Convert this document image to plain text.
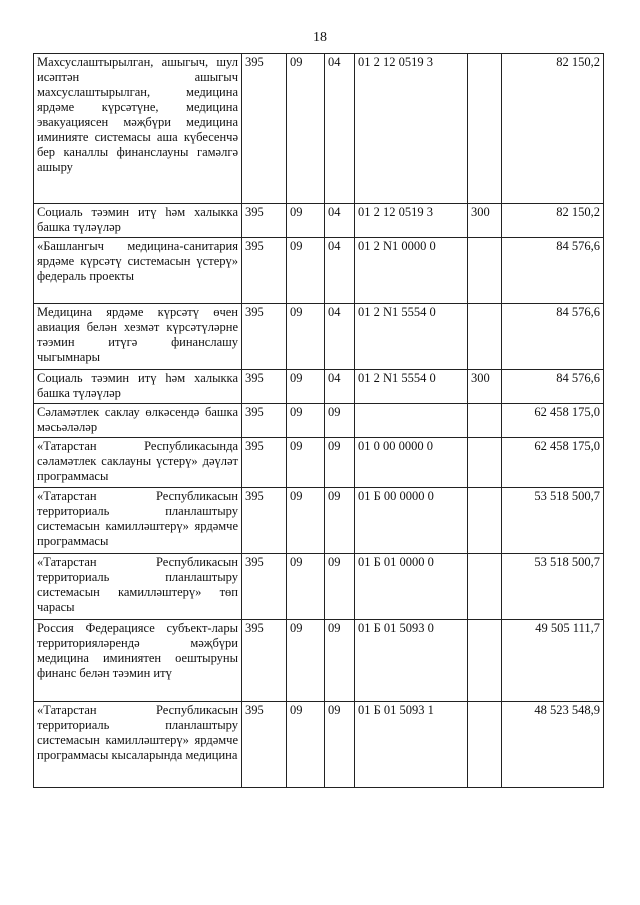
18
Махсуслаштырылган, ашыгыч, шул исәптән ашыгыч махсуслаштырылган, медицина ярдәме күрсәтүне, медицина эвакуациясен мәҗбүри медицина иминияте системасы аша күбесенчә бер каналлы финанслауны гамәлгә ашыру	395	09	04	01 2 12 0519 3		82 150,2
Социаль тәэмин итү һәм халыкка башка түләүләр	395	09	04	01 2 12 0519 3	300	82 150,2
«Башлангыч медицина-санитария ярдәме күрсәтү системасын үстерү» федераль проекты	395	09	04	01 2 N1 0000 0		84 576,6
Медицина ярдәме күрсәтү өчен авиация белән хезмәт күрсәтүләрне тәэмин итүгә финанслашу чыгымнары	395	09	04	01 2 N1 5554 0		84 576,6
Социаль тәэмин итү һәм халыкка башка түләүләр	395	09	04	01 2 N1 5554 0	300	84 576,6
Сәламәтлек саклау өлкәсендә башка мәсьәләләр	395	09	09			62 458 175,0
«Татарстан Республикасында сәламәтлек саклауны үстерү» дәүләт программасы	395	09	09	01 0 00 0000 0		62 458 175,0
«Татарстан Республикасын территориаль планлаштыру системасын камилләштерү» ярдәмче программасы	395	09	09	01 Б 00 0000 0		53 518 500,7
«Татарстан Республикасын территориаль планлаштыру системасын камилләштерү» төп чарасы	395	09	09	01 Б 01 0000 0		53 518 500,7
Россия Федерациясе субъект-лары территорияләрендә мәҗбүри медицина иминиятен оештыруны финанс белән тәэмин итү	395	09	09	01 Б 01 5093 0		49 505 111,7
«Татарстан Республикасын территориаль планлаштыру системасын камилләштерү» ярдәмче программасы кысаларында медицина	395	09	09	01 Б 01 5093 1		48 523 548,9
